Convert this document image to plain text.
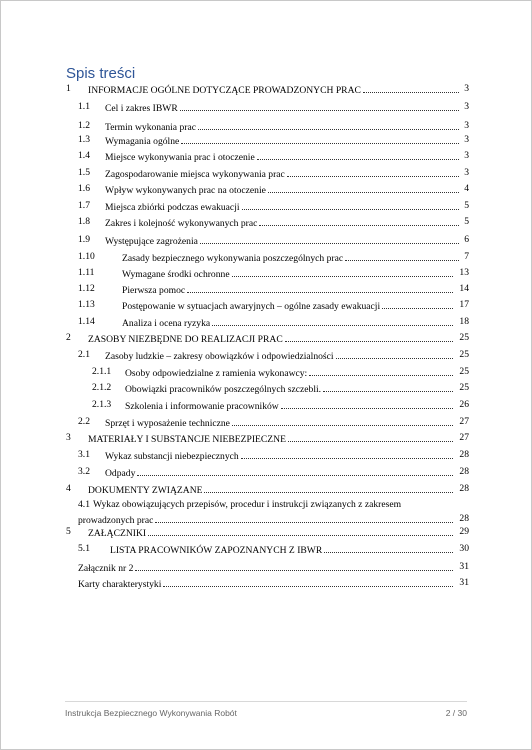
Spis treści
1 INFORMACJE OGÓLNE DOTYCZĄCE PROWADZONYCH PRAC	3
1.1 Cel i zakres IBWR	3
1.2 Termin wykonania prac	3
1.3 Wymagania ogólne	3
1.4 Miejsce wykonywania prac i otoczenie	3
1.5 Zagospodarowanie miejsca wykonywania prac	3
1.6 Wpływ wykonywanych prac na otoczenie	4
1.7 Miejsca zbiórki podczas ewakuacji	5
1.8 Zakres i kolejność wykonywanych prac	5
1.9 Występujące zagrożenia	6
1.10	Zasady bezpiecznego wykonywania poszczególnych prac	7
1.11	Wymagane środki ochronne	13
1.12	Pierwsza pomoc	14
1.13	Postępowanie w sytuacjach awaryjnych – ogólne zasady ewakuacji	17
1.14	Analiza i ocena ryzyka	18
2 ZASOBY NIEZBĘDNE DO REALIZACJI PRAC	25
2.1 Zasoby ludzkie – zakresy obowiązków i odpowiedzialności	25
2.1.1 Osoby odpowiedzialne z ramienia wykonawcy:	25
2.1.2 Obowiązki pracowników poszczególnych szczebli.	25
2.1.3 Szkolenia i informowanie pracowników	26
2.2 Sprzęt i wyposażenie techniczne	27
3 MATERIAŁY I SUBSTANCJE NIEBEZPIECZNE	27
3.1 Wykaz substancji niebezpiecznych	28
3.2 Odpady	28
4 DOKUMENTY ZWIĄZANE	28
4.1 Wykaz obowiązujących przepisów, procedur i instrukcji związanych z zakresem
prowadzonych prac	28
5 ZAŁĄCZNIKI	29
5.1 LISTA PRACOWNIKÓW ZAPOZNANYCH Z IBWR	30
Załącznik nr 2	31
Karty charakterystyki	31
Instrukcja Bezpiecznego Wykonywania Robót	2 / 30
